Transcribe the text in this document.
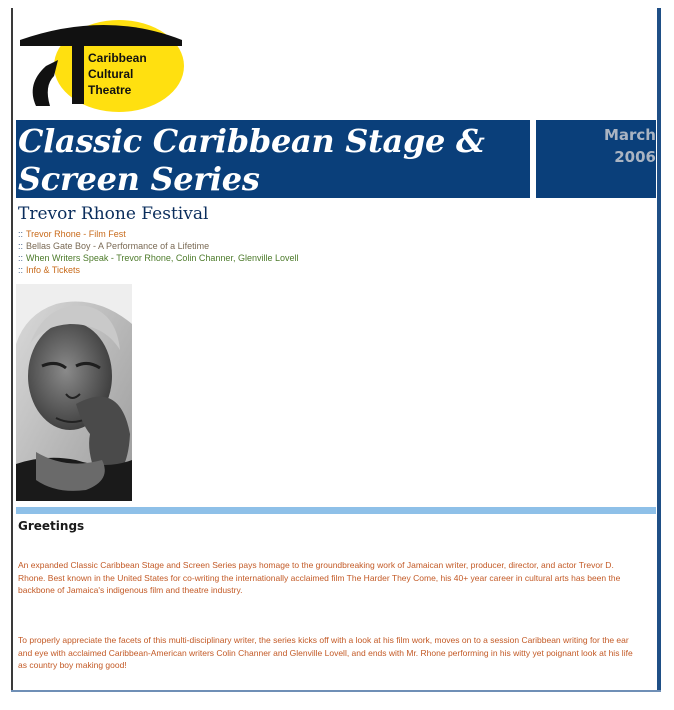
Caribbean
Cultural
Theatre
Classic Caribbean Stage &
Screen Series
March
2006
Trevor Rhone Festival
:: Trevor Rhone - Film Fest
:: Bellas Gate Boy - A Performance of a Lifetime
:: When Writers Speak - Trevor Rhone, Colin Channer, Glenville Lovell
:: Info & Tickets
Greetings
An expanded Classic Caribbean Stage and Screen Series pays homage to the groundbreaking work of Jamaican writer, producer, director, and actor Trevor D. Rhone. Best known in the United States for co-writing the internationally acclaimed film The Harder They Come, his 40+ year career in cultural arts has been the backbone of Jamaica's indigenous film and theatre industry.
To properly appreciate the facets of this multi-disciplinary writer, the series kicks off with a look at his film work, moves on to a session Caribbean writing for the ear and eye with acclaimed Caribbean-American writers Colin Channer and Glenville Lovell, and ends with Mr. Rhone performing in his witty yet poignant look at his life as country boy making good!
